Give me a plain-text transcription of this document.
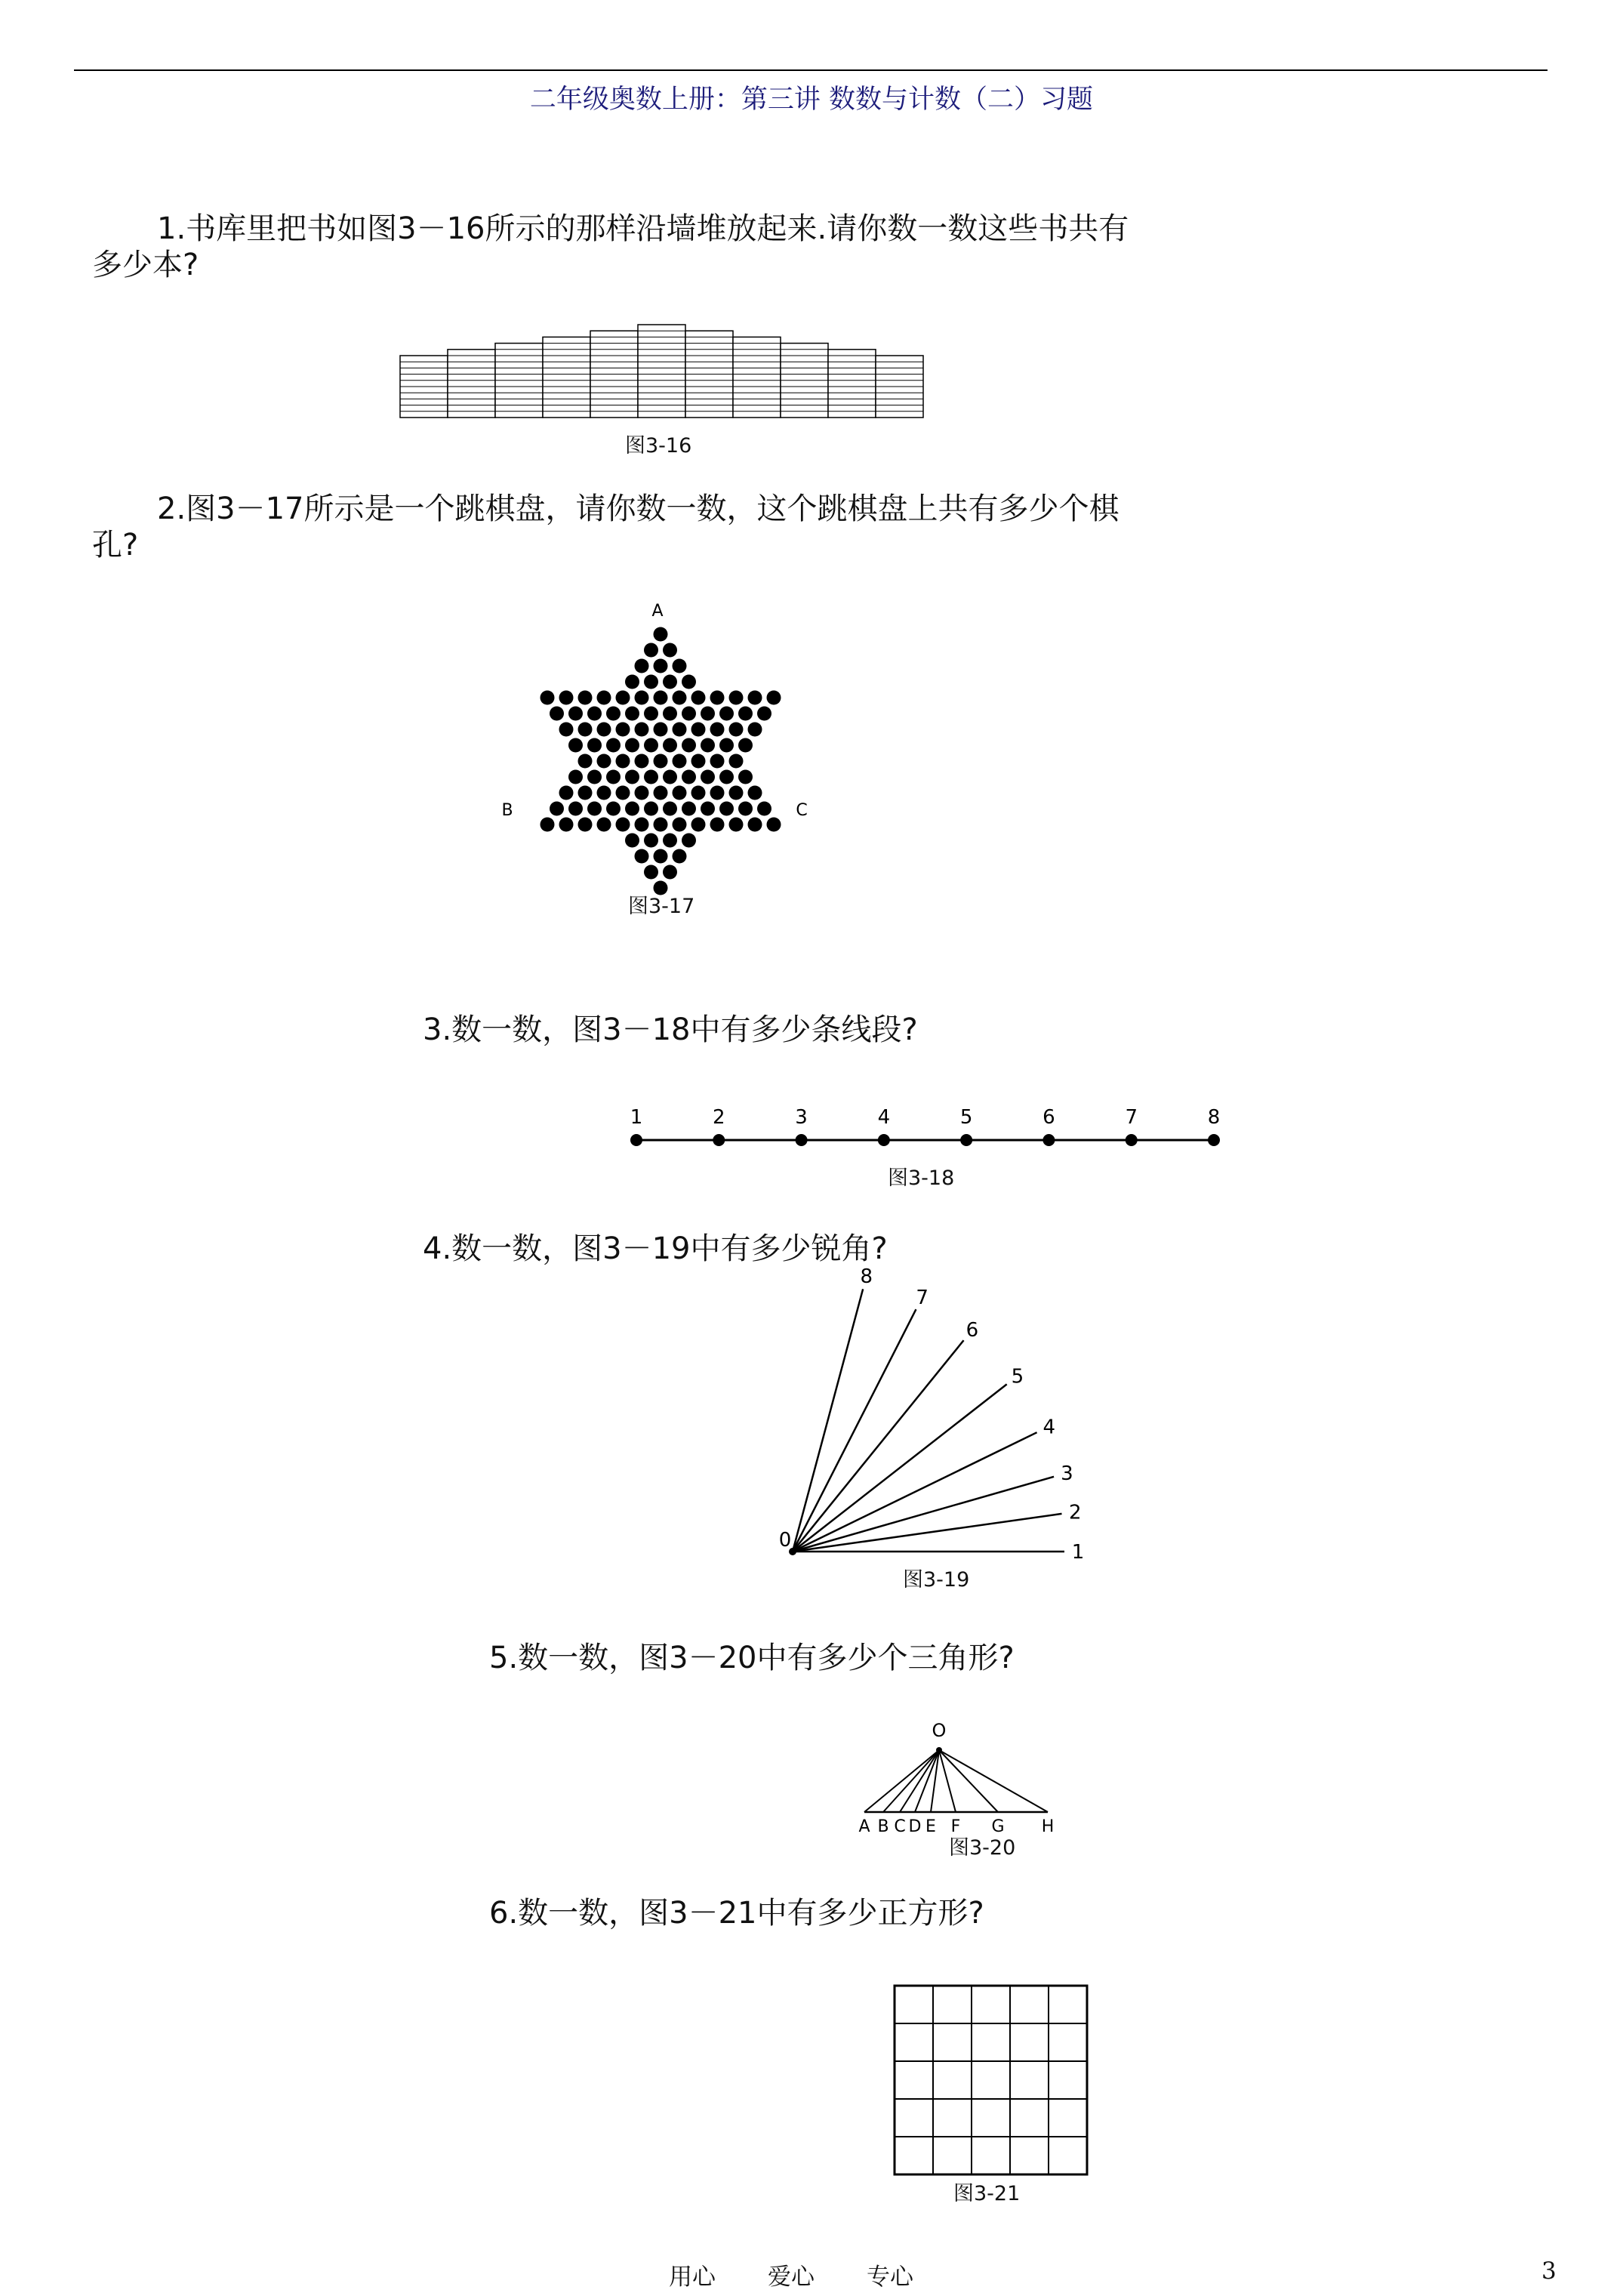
二年级奥数上册：第三讲 数数与计数（二）习题
1.书库里把书如图3－16所示的那样沿墙堆放起来.请你数一数这些书共有
多少本?
图3-16
2.图3－17所示是一个跳棋盘，请你数一数，这个跳棋盘上共有多少个棋
孔?
A
B	C
图3-17
3.数一数，图3－18中有多少条线段?
1	2	3	4	5	6	7	8
图3-18
4.数一数，图3－19中有多少锐角?
1
2
3
4
5
6
7
8
0
图3-19
5.数一数，图3－20中有多少个三角形?
A B C D E F G H
O
图3-20
6.数一数，图3－21中有多少正方形?
图3-21
用心 爱心 专心	3
